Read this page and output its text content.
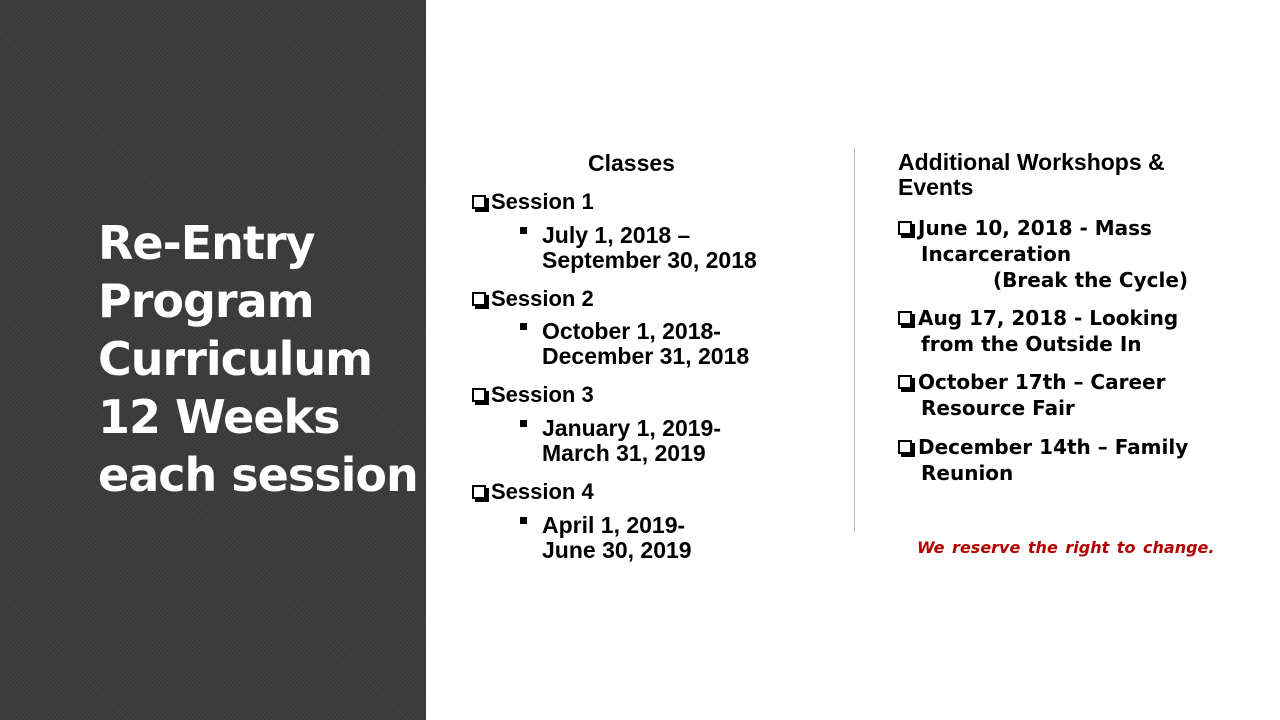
Re-Entry
Program
Curriculum
12 Weeks
each session
Classes
Session 1
July 1, 2018 –
September 30, 2018
Session 2
October 1, 2018-
December 31, 2018
Session 3
January 1, 2019-
March 31, 2019
Session 4
April 1, 2019-
June 30, 2019
Additional Workshops & Events
June 10, 2018 - Mass
Incarceration
(Break the Cycle)
Aug 17, 2018 - Looking
from the Outside In
October 17th – Career
Resource Fair
December 14th – Family
Reunion
We reserve the right to change.
